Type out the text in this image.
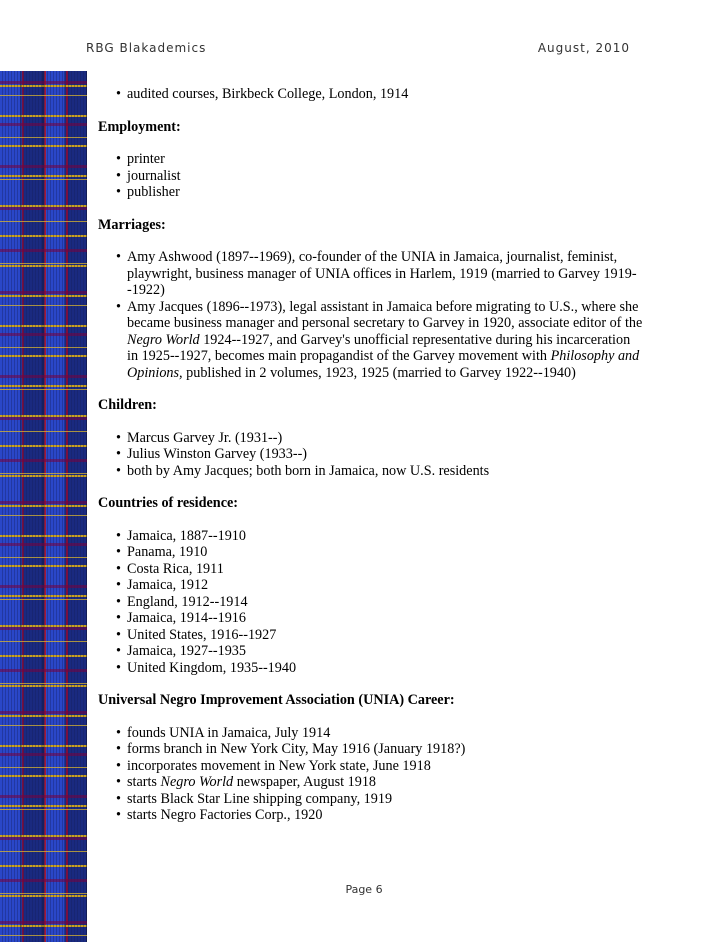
RBG Blakademics	August, 2010
• audited courses, Birkbeck College, London, 1914

Employment:

• printer
• journalist
• publisher

Marriages:

• Amy Ashwood (1897--1969), co-founder of the UNIA in Jamaica, journalist, feminist, playwright, business manager of UNIA offices in Harlem, 1919 (married to Garvey 1919--1922)
• Amy Jacques (1896--1973), legal assistant in Jamaica before migrating to U.S., where she became business manager and personal secretary to Garvey in 1920, associate editor of the Negro World 1924--1927, and Garvey's unofficial representative during his incarceration in 1925--1927, becomes main propagandist of the Garvey movement with Philosophy and Opinions, published in 2 volumes, 1923, 1925 (married to Garvey 1922--1940)

Children:

• Marcus Garvey Jr. (1931--)
• Julius Winston Garvey (1933--)
• both by Amy Jacques; both born in Jamaica, now U.S. residents

Countries of residence:

• Jamaica, 1887--1910
• Panama, 1910
• Costa Rica, 1911
• Jamaica, 1912
• England, 1912--1914
• Jamaica, 1914--1916
• United States, 1916--1927
• Jamaica, 1927--1935
• United Kingdom, 1935--1940

Universal Negro Improvement Association (UNIA) Career:

• founds UNIA in Jamaica, July 1914
• forms branch in New York City, May 1916 (January 1918?)
• incorporates movement in New York state, June 1918
• starts Negro World newspaper, August 1918
• starts Black Star Line shipping company, 1919
• starts Negro Factories Corp., 1920
Page 6
